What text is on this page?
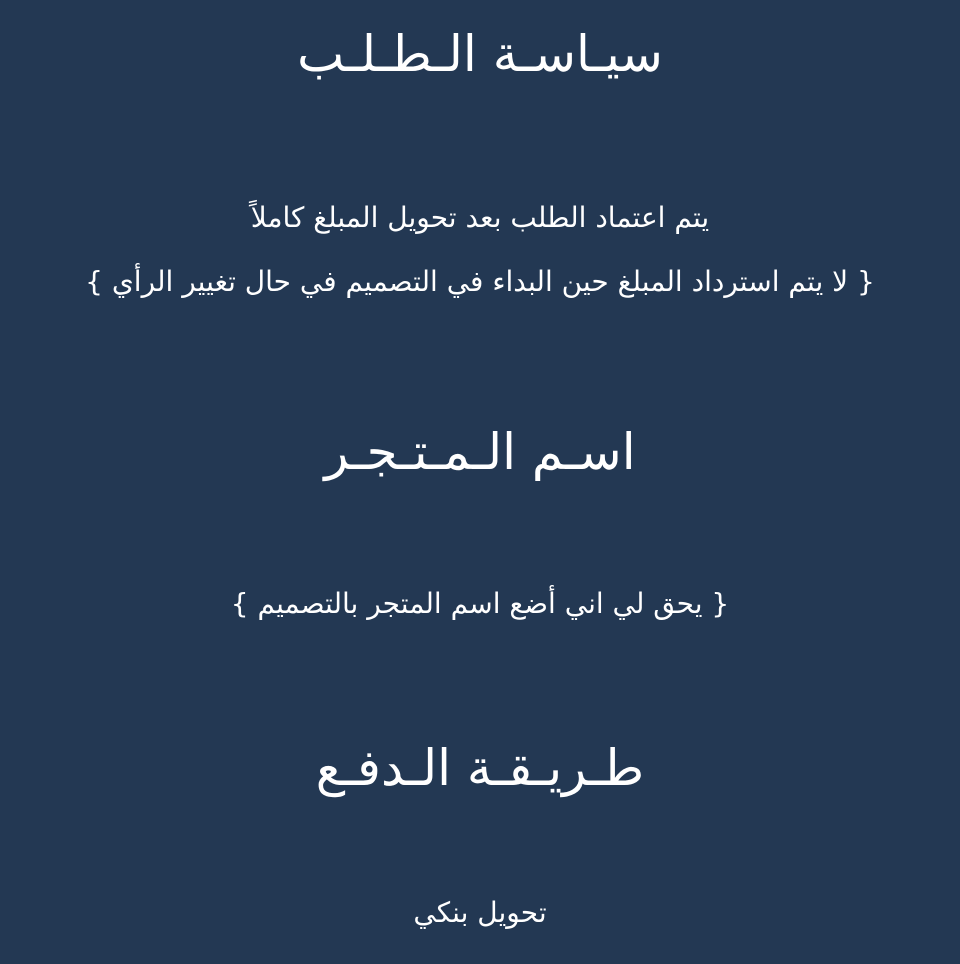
سيـاسـة الـطـلـب

يتم اعتماد الطلب بعد تحويل المبلغ كاملاً

{ لا يتم استرداد المبلغ حين البداء في التصميم في حال تغيير الرأي }

اسـم الـمـتـجـر

{ يحق لي اني أضع اسم المتجر بالتصميم }

طـريـقـة الـدفـع

تحويل بنكي
